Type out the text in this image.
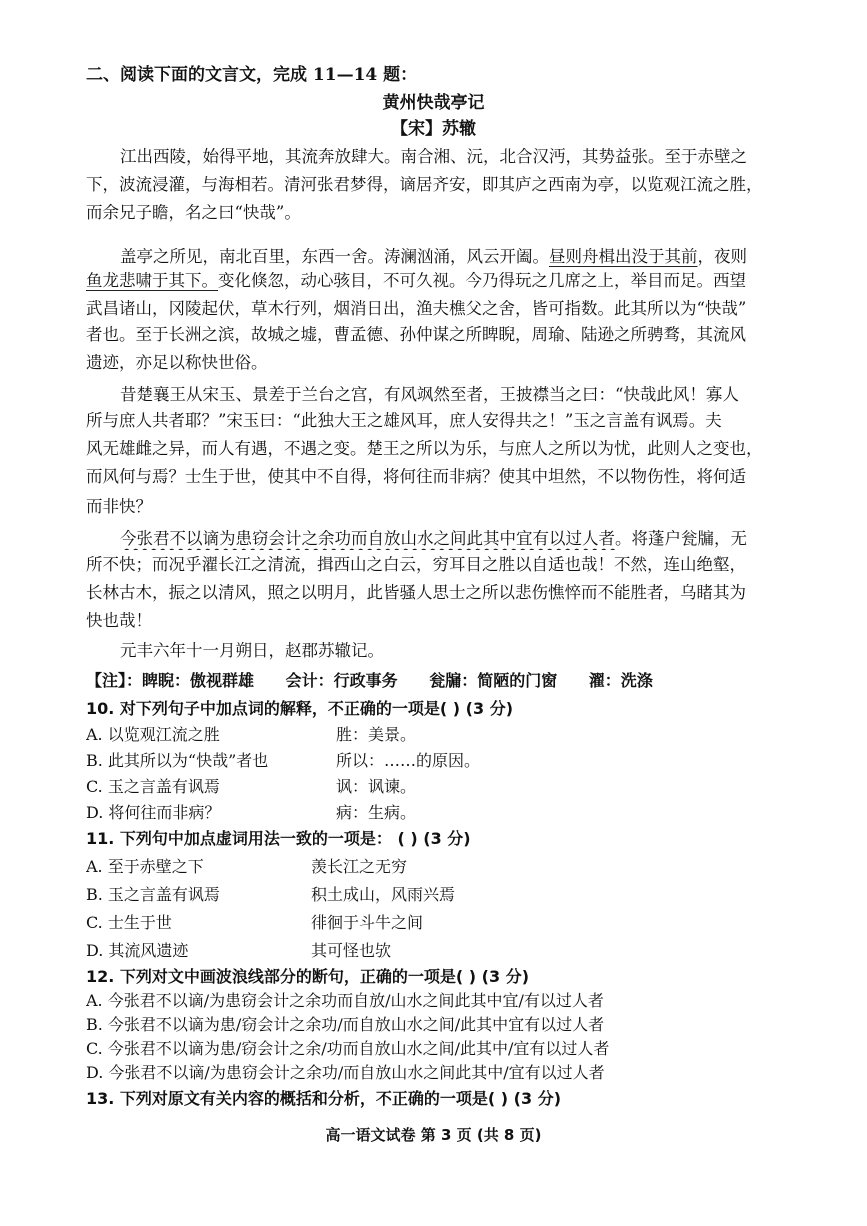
二、阅读下面的文言文，完成 11—14 题：
黄州快哉亭记
【宋】苏辙
江出西陵，始得平地，其流奔放肆大。南合湘、沅，北合汉沔，其势益张。至于赤壁之
下，波流浸灌，与海相若。清河张君梦得，谪居齐安，即其庐之西南为亭，以览观江流之胜，
而余兄子瞻，名之曰“快哉”。
盖亭之所见，南北百里，东西一舍。涛澜汹涌，风云开阖。昼则舟楫出没于其前，夜则
鱼龙悲啸于其下。变化倏忽，动心骇目，不可久视。今乃得玩之几席之上，举目而足。西望
武昌诸山，冈陵起伏，草木行列，烟消日出，渔夫樵父之舍，皆可指数。此其所以为“快哉”
者也。至于长洲之滨，故城之墟，曹孟德、孙仲谋之所睥睨，周瑜、陆逊之所骋骛，其流风
遗迹，亦足以称快世俗。
昔楚襄王从宋玉、景差于兰台之宫，有风飒然至者，王披襟当之曰：“快哉此风！寡人
所与庶人共者耶？”宋玉曰：“此独大王之雄风耳，庶人安得共之！”玉之言盖有讽焉。夫
风无雄雌之异，而人有遇，不遇之变。楚王之所以为乐，与庶人之所以为忧，此则人之变也，
而风何与焉？士生于世，使其中不自得，将何往而非病？使其中坦然，不以物伤性，将何适
而非快？
今张君不以谪为患窃会计之余功而自放山水之间此其中宜有以过人者。将蓬户瓮牖，无
所不快；而况乎濯长江之清流，揖西山之白云，穷耳目之胜以自适也哉！不然，连山绝壑，
长林古木，振之以清风，照之以明月，此皆骚人思士之所以悲伤憔悴而不能胜者，乌睹其为
快也哉！
元丰六年十一月朔日，赵郡苏辙记。
【注】：睥睨：傲视群雄 会计：行政事务 瓮牖：简陋的门窗 濯：洗涤
10. 对下列句子中加点词的解释，不正确的一项是( ) (3 分)
A. 以览观江流之胜	胜：美景。
B. 此其所以为“快哉”者也	所以：……的原因。
C. 玉之言盖有讽焉	讽：讽谏。
D. 将何往而非病？	病：生病。
11. 下列句中加点虚词用法一致的一项是： ( ) (3 分)
A. 至于赤壁之下	羡长江之无穷
B. 玉之言盖有讽焉	积土成山，风雨兴焉
C. 士生于世	徘徊于斗牛之间
D. 其流风遗迹	其可怪也欤
12. 下列对文中画波浪线部分的断句，正确的一项是( ) (3 分)
A. 今张君不以谪/为患窃会计之余功而自放/山水之间此其中宜/有以过人者
B. 今张君不以谪为患/窃会计之余功/而自放山水之间/此其中宜有以过人者
C. 今张君不以谪为患/窃会计之余/功而自放山水之间/此其中/宜有以过人者
D. 今张君不以谪/为患窃会计之余功/而自放山水之间此其中/宜有以过人者
13. 下列对原文有关内容的概括和分析，不正确的一项是( ) (3 分)
高一语文试卷 第 3 页 (共 8 页)
